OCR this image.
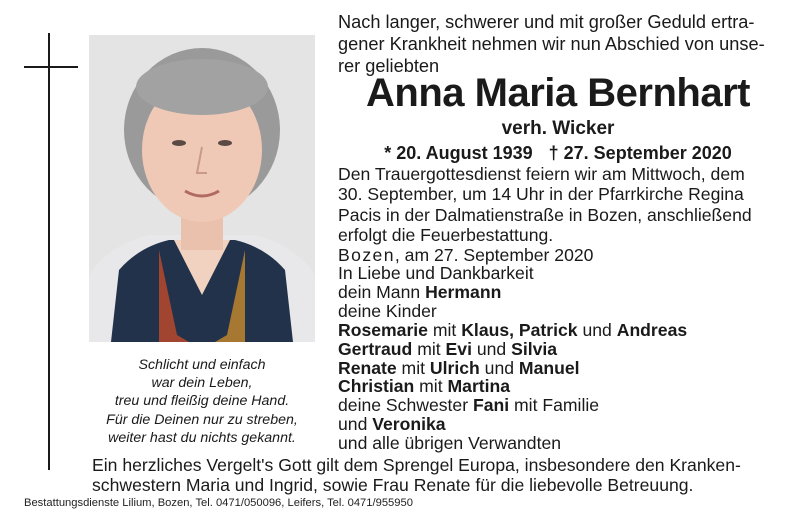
Schlicht und einfach
war dein Leben,
treu und fleißig deine Hand.
Für die Deinen nur zu streben,
weiter hast du nichts gekannt.
Nach langer, schwerer und mit großer Geduld ertra-
gener Krankheit nehmen wir nun Abschied von unse-
rer geliebten
Anna Maria Bernhart
verh. Wicker
* 20. August 1939 † 27. September 2020
Den Trauergottesdienst feiern wir am Mittwoch, dem
30. September, um 14 Uhr in der Pfarrkirche Regina
Pacis in der Dalmatienstraße in Bozen, anschließend
erfolgt die Feuerbestattung.
Bozen, am 27. September 2020
In Liebe und Dankbarkeit
dein Mann Hermann
deine Kinder
Rosemarie mit Klaus, Patrick und Andreas
Gertraud mit Evi und Silvia
Renate mit Ulrich und Manuel
Christian mit Martina
deine Schwester Fani mit Familie
und Veronika
und alle übrigen Verwandten
Ein herzliches Vergelt's Gott gilt dem Sprengel Europa, insbesondere den Kranken-
schwestern Maria und Ingrid, sowie Frau Renate für die liebevolle Betreuung.
Bestattungsdienste Lilium, Bozen, Tel. 0471/050096, Leifers, Tel. 0471/955950
